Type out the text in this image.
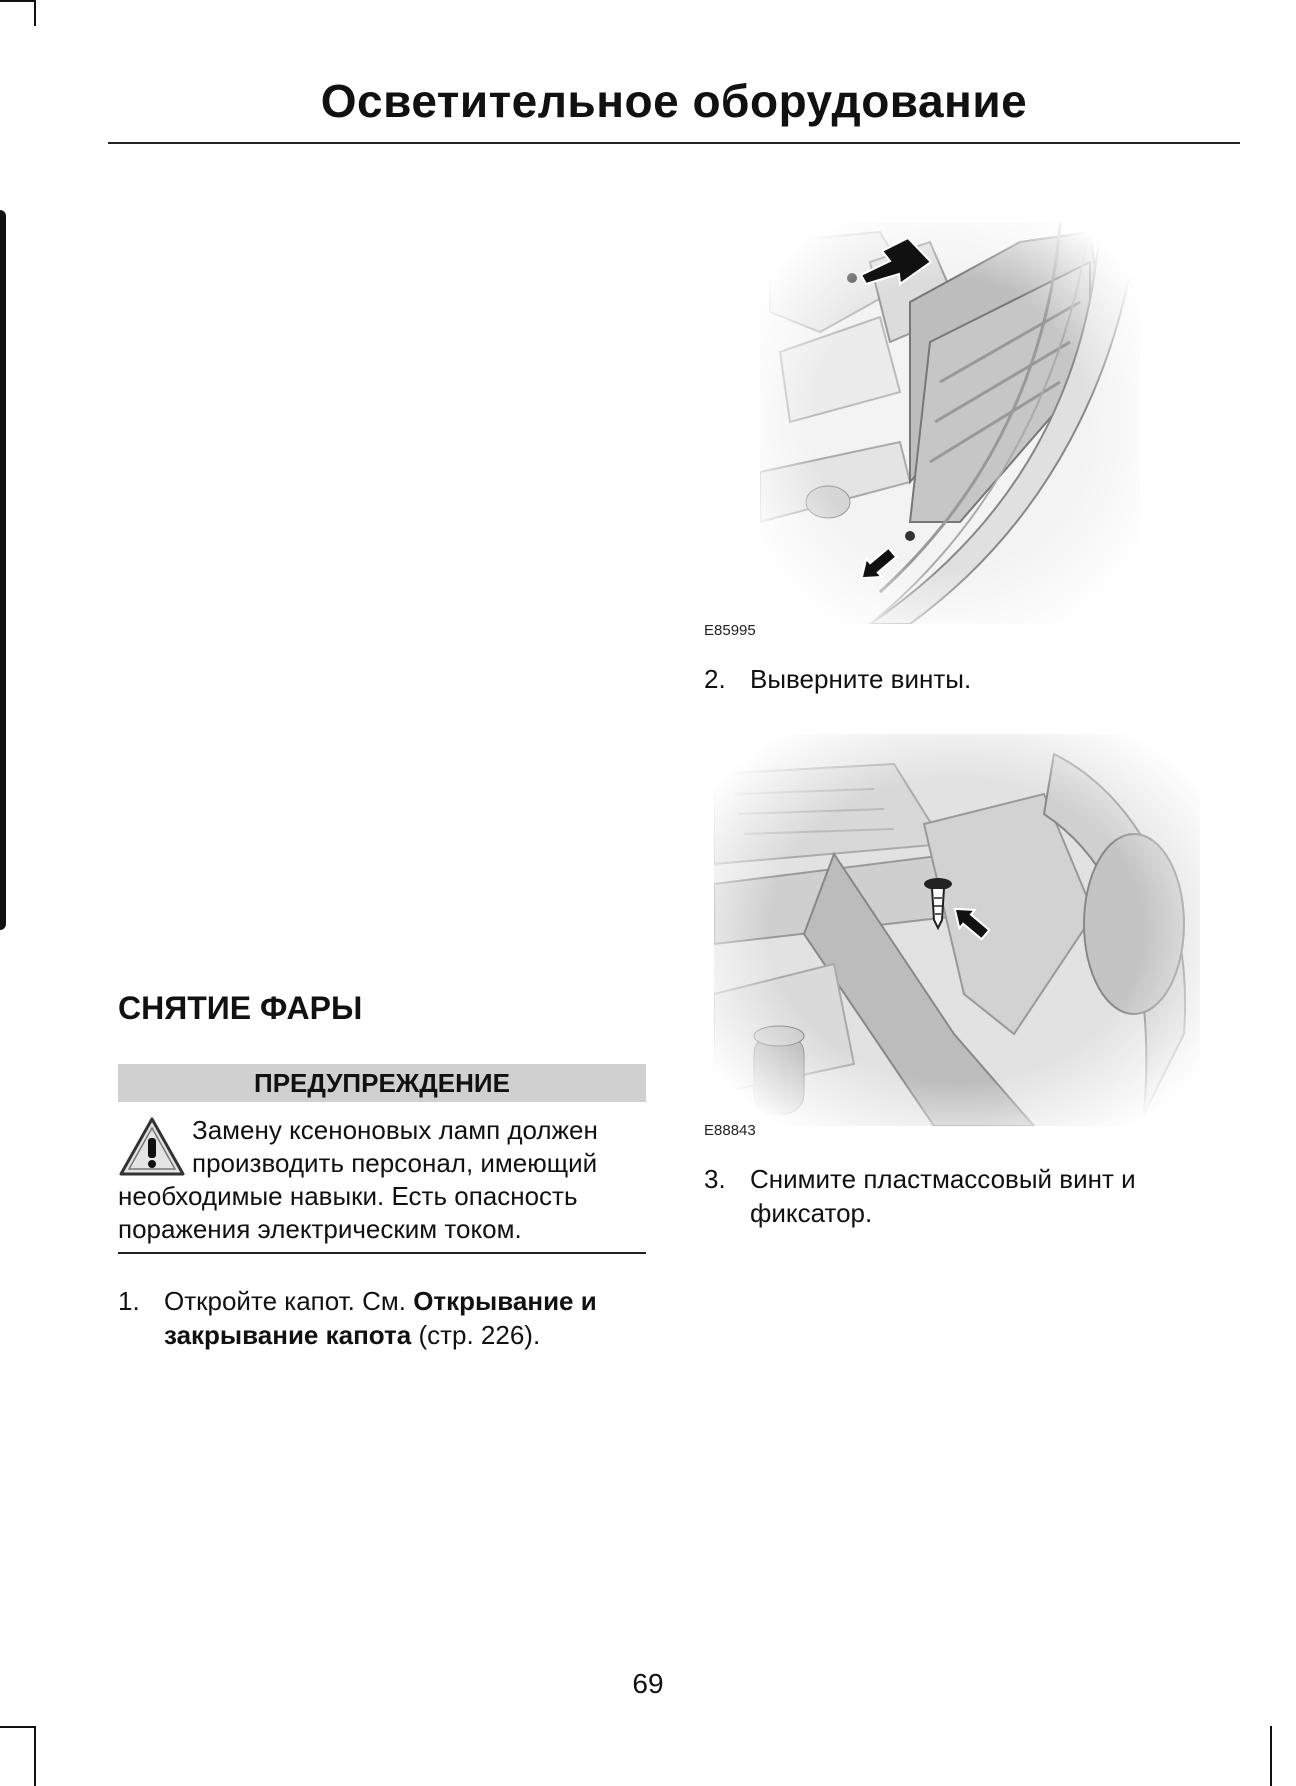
Осветительное оборудование
СНЯТИЕ ФАРЫ
ПРЕДУПРЕЖДЕНИЕ
Замену ксеноновых ламп должен производить персонал, имеющий необходимые навыки. Есть опасность поражения электрическим током.
1. Откройте капот. См. Открывание и закрывание капота (стр. 226).
E85995
2. Выверните винты.
E88843
3. Снимите пластмассовый винт и фиксатор.
69
